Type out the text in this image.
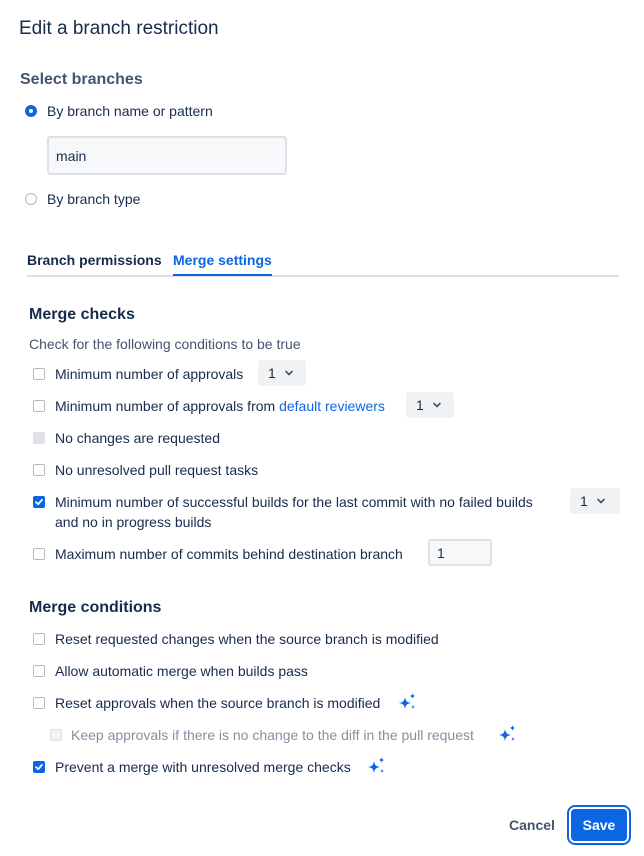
Edit a branch restriction
Select branches
By branch name or pattern
main
By branch type
Branch permissions Merge settings
Merge checks
Check for the following conditions to be true
Minimum number of approvals 1
Minimum number of approvals from default reviewers 1
No changes are requested
No unresolved pull request tasks
Minimum number of successful builds for the last commit with no failed builds
and no in progress builds
1
Maximum number of commits behind destination branch 1
Merge conditions
Reset requested changes when the source branch is modified
Allow automatic merge when builds pass
Reset approvals when the source branch is modified
Keep approvals if there is no change to the diff in the pull request
Prevent a merge with unresolved merge checks
Cancel	Save
